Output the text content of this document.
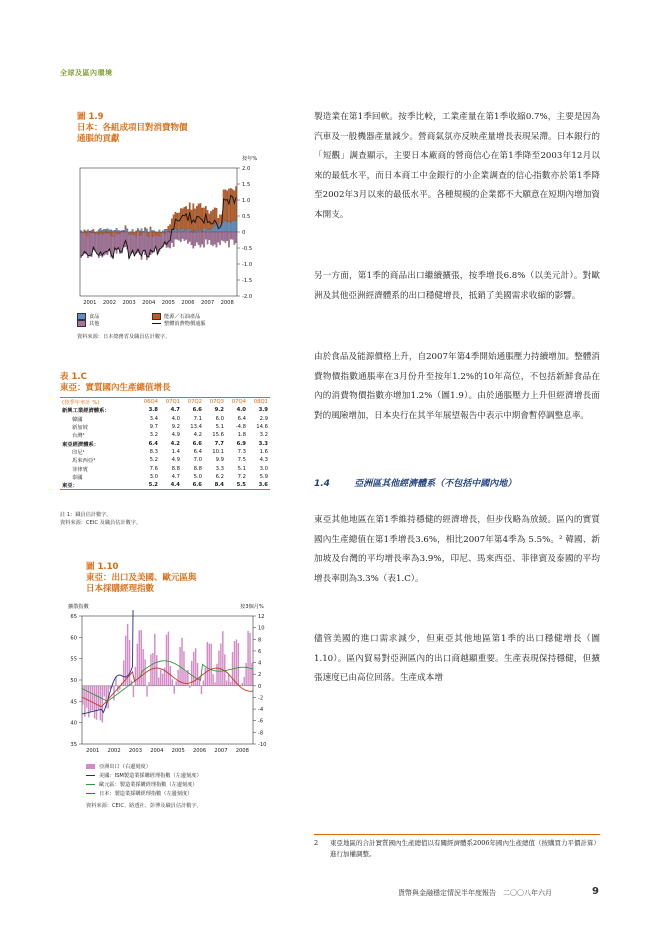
全球及區內環境
圖 1.9
日本：各組成項目對消費物價
通脹的貢獻
按年%
2.0
1.5
1.0
0.5
0
-0.5
-1.0
-1.5
-2.0
2001 2002 2003 2004 2005 2006 2007 2008
食品
其他
能源／石油產品
整體消費物價通脹
資料來源：日本總務省及職員估計數字。
表 1.C
東亞：實質國內生產總值增長
(按季年率計 %)	06Q4	07Q1	07Q2	07Q3	07Q4	08Q1
新興工業經濟體系：	3.8	4.7	6.6	9.2	4.0	3.9
韓國	3.4	4.0	7.1	6.0	6.4	2.9
新加坡	9.7	9.2	13.4	5.1	-4.8	14.6
台灣¹	3.2	4.9	4.2	15.6	1.8	3.2
東亞經濟體系：	6.4	4.2	6.6	7.7	6.9	3.3
印尼¹	8.3	1.4	6.4	10.1	7.3	1.6
馬來西亞¹	5.2	4.9	7.0	9.9	7.5	4.3
菲律賓	7.6	8.8	8.8	3.3	5.1	3.0
泰國	3.0	4.7	5.0	6.2	7.2	5.9
東亞：	5.2	4.4	6.6	8.4	5.5	3.6
註 1：職員估計數字。
資料來源：CEIC 及職員估計數字。
圖 1.10
東亞：出口及美國、歐元區與
日本採購經理指數
擴散指數	按3個月%
65
60
55
50
45
40
35
12
10
8
6
4
2
0
-2
-4
-6
-8
-10
2001 2002 2003 2004 2005 2006 2007 2008
亞洲出口（右邊刻度）
美國：ISM製造業採購經理指數（左邊刻度）
歐元區：製造業採購經理指數（左邊刻度）
日本：製造業採購經理指數（左邊刻度）
資料來源：CEIC、路透社、彭博及職員估計數字。
製造業在第1季回軟。按季比較，工業產量在第1季收縮0.7%，主要是因為汽車及一般機器產量減少。營商氣氛亦反映產量增長表現呆滯。日本銀行的「短觀」調查顯示，主要日本廠商的營商信心在第1季降至2003年12月以來的最低水平，而日本商工中金銀行的小企業調查的信心指數亦於第1季降至2002年3月以來的最低水平。各種規模的企業都不大願意在短期內增加資本開支。
另一方面，第1季的商品出口繼續擴張，按季增長6.8%（以美元計）。對歐洲及其他亞洲經濟體系的出口穩健增長，抵銷了美國需求收縮的影響。
由於食品及能源價格上升，自2007年第4季開始通脹壓力持續增加。整體消費物價指數通脹率在3月份升至按年1.2%的10年高位，不包括新鮮食品在內的消費物價指數亦增加1.2%（圖1.9）。由於通脹壓力上升但經濟增長面對的風險增加，日本央行在其半年展望報告中表示中期會暫停調整息率。
1.4	亞洲區其他經濟體系（不包括中國內地）
東亞其他地區在第1季維持穩健的經濟增長，但步伐略為放緩。區內的實質國內生產總值在第1季增長3.6%，相比2007年第4季為 5.5%。² 韓國、新加坡及台灣的平均增長率為3.9%，印尼、馬來西亞、菲律賓及泰國的平均增長率則為3.3%（表1.C）。
儘管美國的進口需求減少，但東亞其他地區第1季的出口穩健增長（圖1.10）。區內貿易對亞洲區內的出口商越顯重要。生產表現保持穩健，但擴張速度已由高位回落。生產成本增
2	東亞地區的合計實質國內生產總值以有關經濟體系2006年國內生產總值（按購買力平價計算）進行加權調整。
貨幣與金融穩定情況半年度報告　二〇〇八年六月	9
